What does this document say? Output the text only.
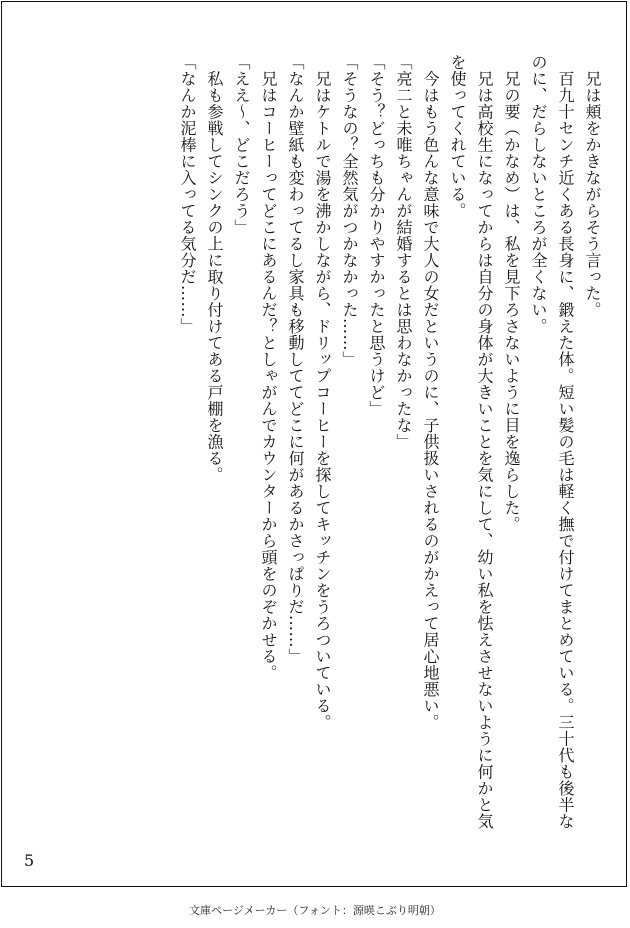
　兄は頬をかきながらそう言った。

　百九十センチ近くある長身に、鍛えた体。短い髪の毛は軽く撫で付けてまとめている。三十代も後半なのに、だらしないところが全くない。

　兄の要（かなめ）は、私を見下ろさないように目を逸らした。

　兄は高校生になってからは自分の身体が大きいことを気にして、幼い私を怯えさせないように何かと気を使ってくれている。

　今はもう色んな意味で大人の女だというのに、子供扱いされるのがかえって居心地悪い。

「亮二と未唯ちゃんが結婚するとは思わなかったな」

「そう？どっちも分かりやすかったと思うけど」

「そうなの？全然気がつかなかった……」

　兄はケトルで湯を沸かしながら、ドリップコーヒーを探してキッチンをうろついている。

「なんか壁紙も変わってるし家具も移動しててどこに何があるかさっぱりだ……」

　兄はコーヒーってどこにあるんだ？としゃがんでカウンターから頭をのぞかせる。

「ええ～、どこだろう」

　私も参戦してシンクの上に取り付けてある戸棚を漁る。

「なんか泥棒に入ってる気分だ……」

5
文庫ページメーカー（フォント：源暎こぶり明朝）
